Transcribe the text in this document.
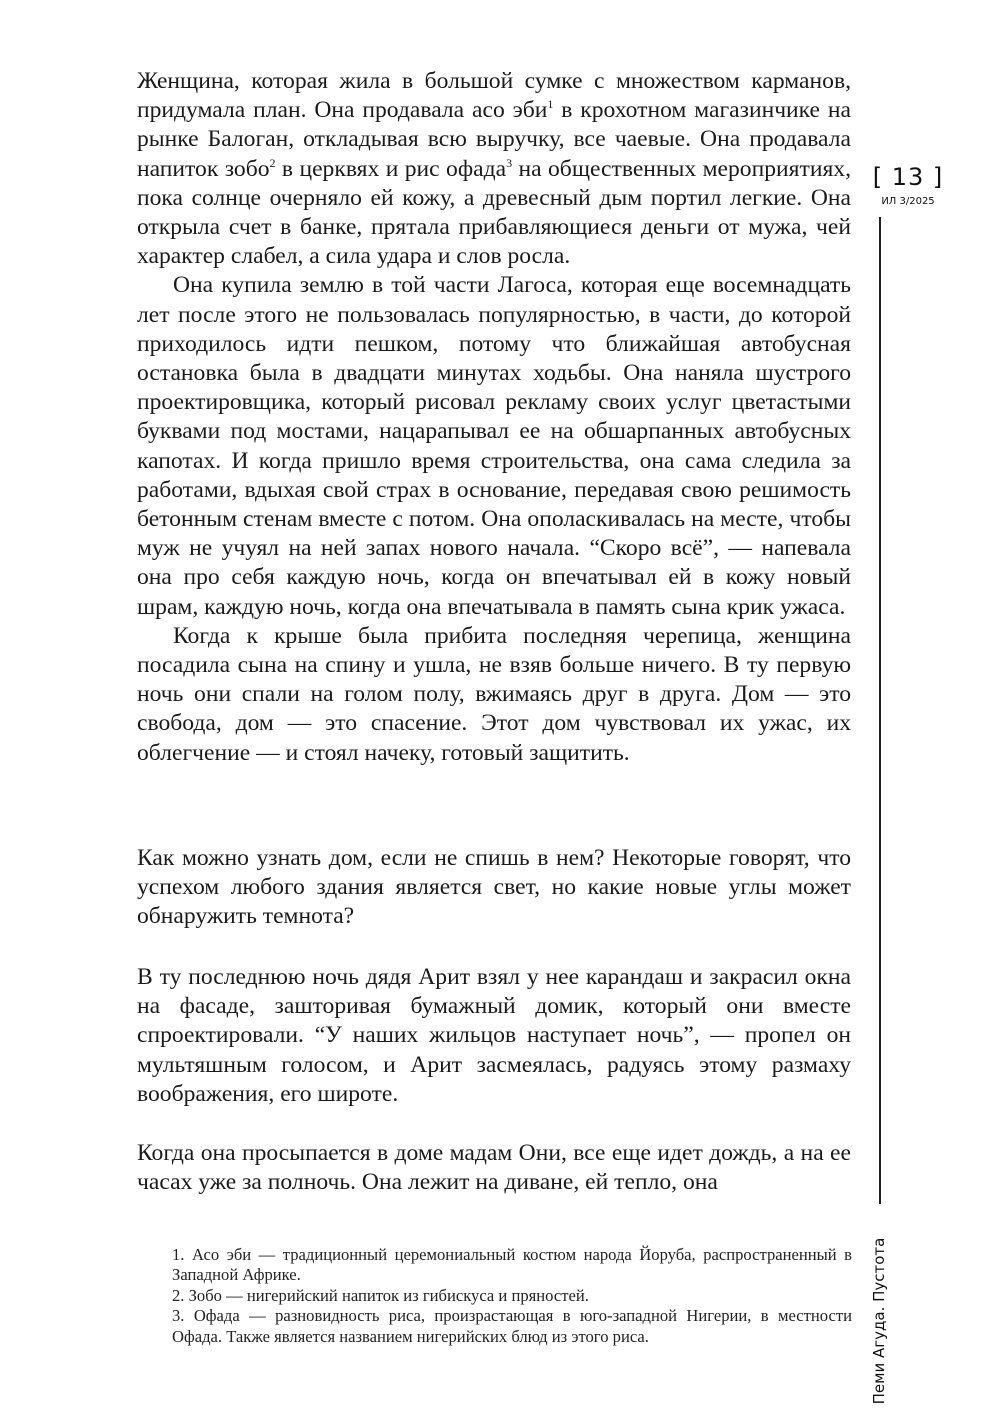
Женщина, которая жила в большой сумке с множеством карманов, придумала план. Она продавала асо эби$^1$ в крохотном магазинчике на рынке Балоган, откладывая всю выручку, все чаевые. Она продавала напиток зобо$^2$ в церквях и рис офада$^3$ на общественных мероприятиях, пока солнце очерняло ей кожу, а древесный дым портил легкие. Она открыла счет в банке, прятала прибавляющиеся деньги от мужа, чей характер слабел, а сила удара и слов росла.

Она купила землю в той части Лагоса, которая еще восемнадцать лет после этого не пользовалась популярностью, в части, до которой приходилось идти пешком, потому что ближайшая автобусная остановка была в двадцати минутах ходьбы. Она наняла шустрого проектировщика, который рисовал рекламу своих услуг цветастыми буквами под мостами, нацарапывал ее на обшарпанных автобусных капотах. И когда пришло время строительства, она сама следила за работами, вдыхая свой страх в основание, передавая свою решимость бетонным стенам вместе с потом. Она ополаскивалась на месте, чтобы муж не учуял на ней запах нового начала. “Скоро всё”, — напевала она про себя каждую ночь, когда он впечатывал ей в кожу новый шрам, каждую ночь, когда она впечатывала в память сына крик ужаса.

Когда к крыше была прибита последняя черепица, женщина посадила сына на спину и ушла, не взяв больше ничего. В ту первую ночь они спали на голом полу, вжимаясь друг в друга. Дом — это свобода, дом — это спасение. Этот дом чувствовал их ужас, их облегчение — и стоял начеку, готовый защитить.

Как можно узнать дом, если не спишь в нем? Некоторые говорят, что успехом любого здания является свет, но какие новые углы может обнаружить темнота?

В ту последнюю ночь дядя Арит взял у нее карандаш и закрасил окна на фасаде, зашторивая бумажный домик, который они вместе спроектировали. “У наших жильцов наступает ночь”, — пропел он мультяшным голосом, и Арит засмеялась, радуясь этому размаху воображения, его широте.

Когда она просыпается в доме мадам Они, все еще идет дождь, а на ее часах уже за полночь. Она лежит на диване, ей тепло, она

1. Асо эби — традиционный церемониальный костюм народа Йоруба, распространенный в Западной Африке.

2. Зобо — нигерийский напиток из гибискуса и пряностей.

3. Офада — разновидность риса, произрастающая в юго-западной Нигерии, в местности Офада. Также является названием нигерийских блюд из этого риса.

[ 13 ]
ИЛ 3/2025
Пеми Агуда. Пустота
